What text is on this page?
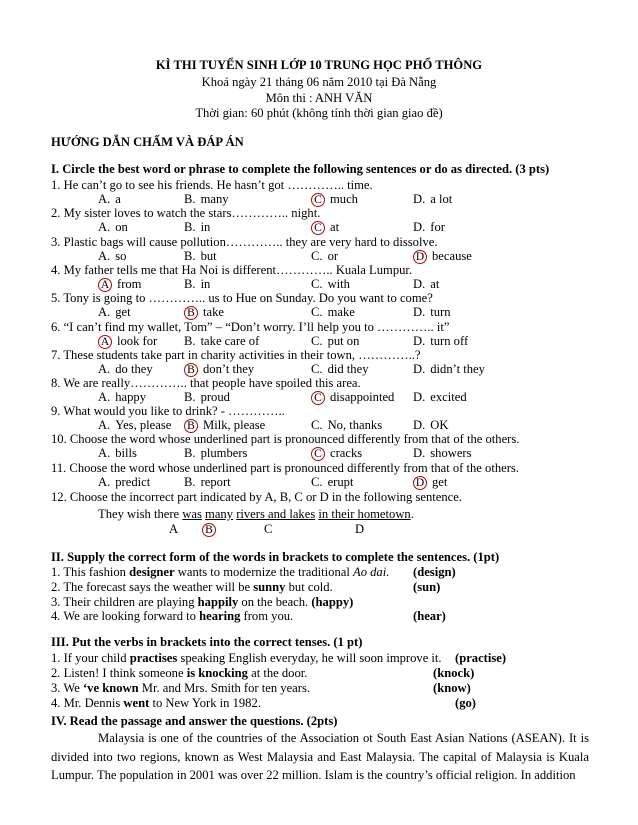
KÌ THI TUYỂN SINH LỚP 10 TRUNG HỌC PHỔ THÔNG
Khoá ngày 21 tháng 06 năm 2010 tại Đà Nẵng
Môn thi : ANH VĂN
Thời gian: 60 phút (không tính thời gian giao đề)
HƯỚNG DẪN CHẤM VÀ ĐÁP ÁN
I. Circle the best word or phrase to complete the following sentences or do as directed. (3 pts)
1. He can’t go to see his friends. He hasn’t got ………….. time.
A. a	B. many	C much	D. a lot
2. My sister loves to watch the stars………….. night.
A. on	B. in	C at	D. for
3. Plastic bags will cause pollution………….. they are very hard to dissolve.
A. so	B. but	C. or	D because
4. My father tells me that Ha Noi is different………….. Kuala Lumpur.
A from	B. in	C. with	D. at
5. Tony is going to ………….. us to Hue on Sunday. Do you want to come?
A. get	B take	C. make	D. turn
6. “I can’t find my wallet, Tom” – “Don’t worry. I’ll help you to ………….. it”
A look for B. take care of	C. put on	D. turn off
7. These students take part in charity activities in their town, …………..?
A. do they	B don’t they	C. did they	D. didn’t they
8. We are really………….. that people have spoiled this area.
A. happy	B. proud	C disappointed D. excited
9. What would you like to drink? - …………..
A. Yes, please B Milk, please	C. No, thanks D. OK
10. Choose the word whose underlined part is pronounced differently from that of the others.
A. bills	B. plumbers	C cracks	D. showers
11. Choose the word whose underlined part is pronounced differently from that of the others.
A. predict	B. report	C. erupt	D get
12. Choose the incorrect part indicated by A, B, C or D in the following sentence.
They wish there was many rivers and lakes in their hometown.
A B	C	D
II. Supply the correct form of the words in brackets to complete the sentences. (1pt)
1. This fashion designer wants to modernize the traditional Ao dai. (design)
2. The forecast says the weather will be sunny but cold.	(sun)
3. Their children are playing happily on the beach. (happy)
4. We are looking forward to hearing from you.	(hear)
III. Put the verbs in brackets into the correct tenses. (1 pt)
1. If your child practises speaking English everyday, he will soon improve it. (practise)
2. Listen! I think someone is knocking at the door.	(knock)
3. We ‘ve known Mr. and Mrs. Smith for ten years.	(know)
4. Mr. Dennis went to New York in 1982.	(go)
IV. Read the passage and answer the questions. (2pts)
Malaysia is one of the countries of the Association ot South East Asian Nations (ASEAN). It is divided into two regions, known as West Malaysia and East Malaysia. The capital of Malaysia is Kuala Lumpur. The population in 2001 was over 22 million. Islam is the country’s official religion. In addition
